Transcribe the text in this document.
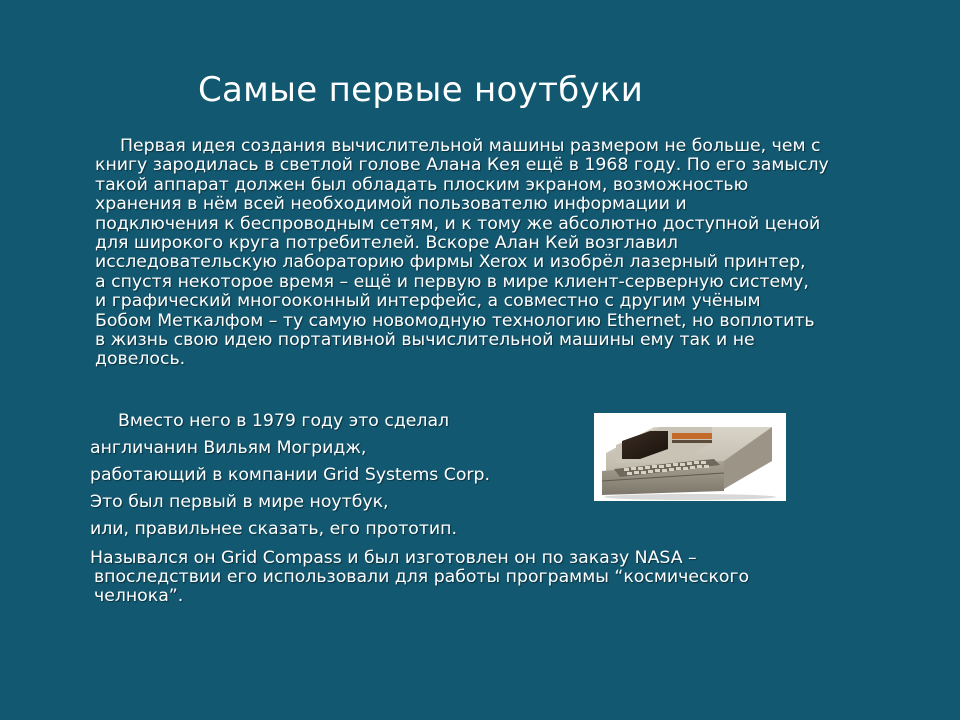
Самые первые ноутбуки
Первая идея создания вычислительной машины размером не больше, чем с
книгу зародилась в светлой голове Алана Кея ещё в 1968 году. По его замыслу
такой аппарат должен был обладать плоским экраном, возможностью
хранения в нём всей необходимой пользователю информации и
подключения к беспроводным сетям, и к тому же абсолютно доступной ценой
для широкого круга потребителей. Вскоре Алан Кей возглавил
исследовательскую лабораторию фирмы Xerox и изобрёл лазерный принтер,
а спустя некоторое время – ещё и первую в мире клиент-серверную систему,
и графический многооконный интерфейс, а совместно с другим учёным
Бобом Меткалфом – ту самую новомодную технологию Ethernet, но воплотить
в жизнь свою идею портативной вычислительной машины ему так и не
довелось.
Вместо него в 1979 году это сделал
англичанин Вильям Могридж,
работающий в компании Grid Systems Corp.
Это был первый в мире ноутбук,
или, правильнее сказать, его прототип.
Назывался он Grid Compass и был изготовлен он по заказу NASA –
впоследствии его использовали для работы программы “космического
челнока”.
